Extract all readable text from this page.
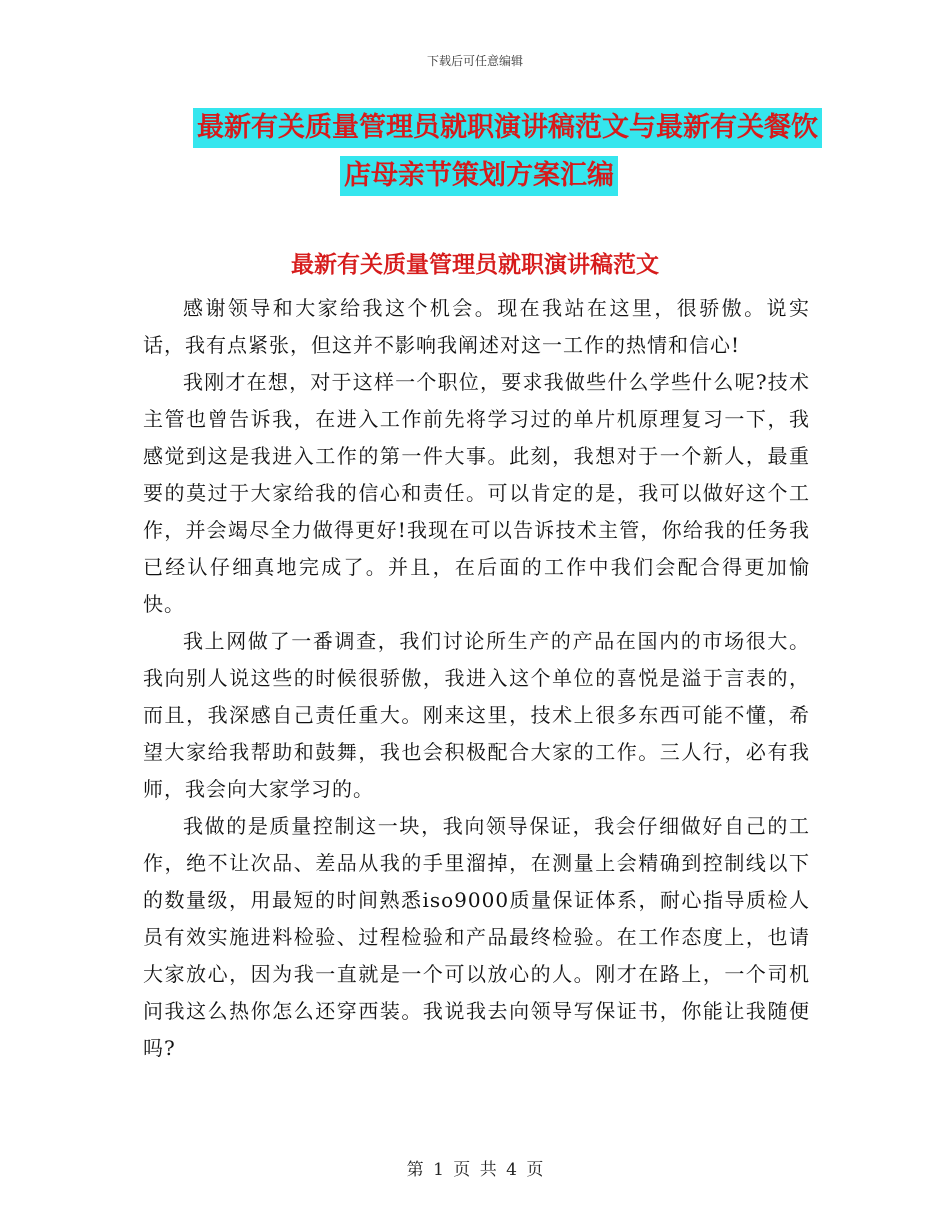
下载后可任意编辑
最新有关质量管理员就职演讲稿范文与最新有关餐饮
店母亲节策划方案汇编
最新有关质量管理员就职演讲稿范文

感谢领导和大家给我这个机会。现在我站在这里，很骄傲。说实话，我有点紧张，但这并不影响我阐述对这一工作的热情和信心!

我刚才在想，对于这样一个职位，要求我做些什么学些什么呢?技术主管也曾告诉我，在进入工作前先将学习过的单片机原理复习一下，我感觉到这是我进入工作的第一件大事。此刻，我想对于一个新人，最重要的莫过于大家给我的信心和责任。可以肯定的是，我可以做好这个工作，并会竭尽全力做得更好!我现在可以告诉技术主管，你给我的任务我已经认仔细真地完成了。并且，在后面的工作中我们会配合得更加愉快。

我上网做了一番调查，我们讨论所生产的产品在国内的市场很大。我向别人说这些的时候很骄傲，我进入这个单位的喜悦是溢于言表的，而且，我深感自己责任重大。刚来这里，技术上很多东西可能不懂，希望大家给我帮助和鼓舞，我也会积极配合大家的工作。三人行，必有我师，我会向大家学习的。

我做的是质量控制这一块，我向领导保证，我会仔细做好自己的工作，绝不让次品、差品从我的手里溜掉，在测量上会精确到控制线以下的数量级，用最短的时间熟悉iso9000质量保证体系，耐心指导质检人员有效实施进料检验、过程检验和产品最终检验。在工作态度上，也请大家放心，因为我一直就是一个可以放心的人。刚才在路上，一个司机问我这么热你怎么还穿西装。我说我去向领导写保证书，你能让我随便吗?

第 1 页 共 4 页
